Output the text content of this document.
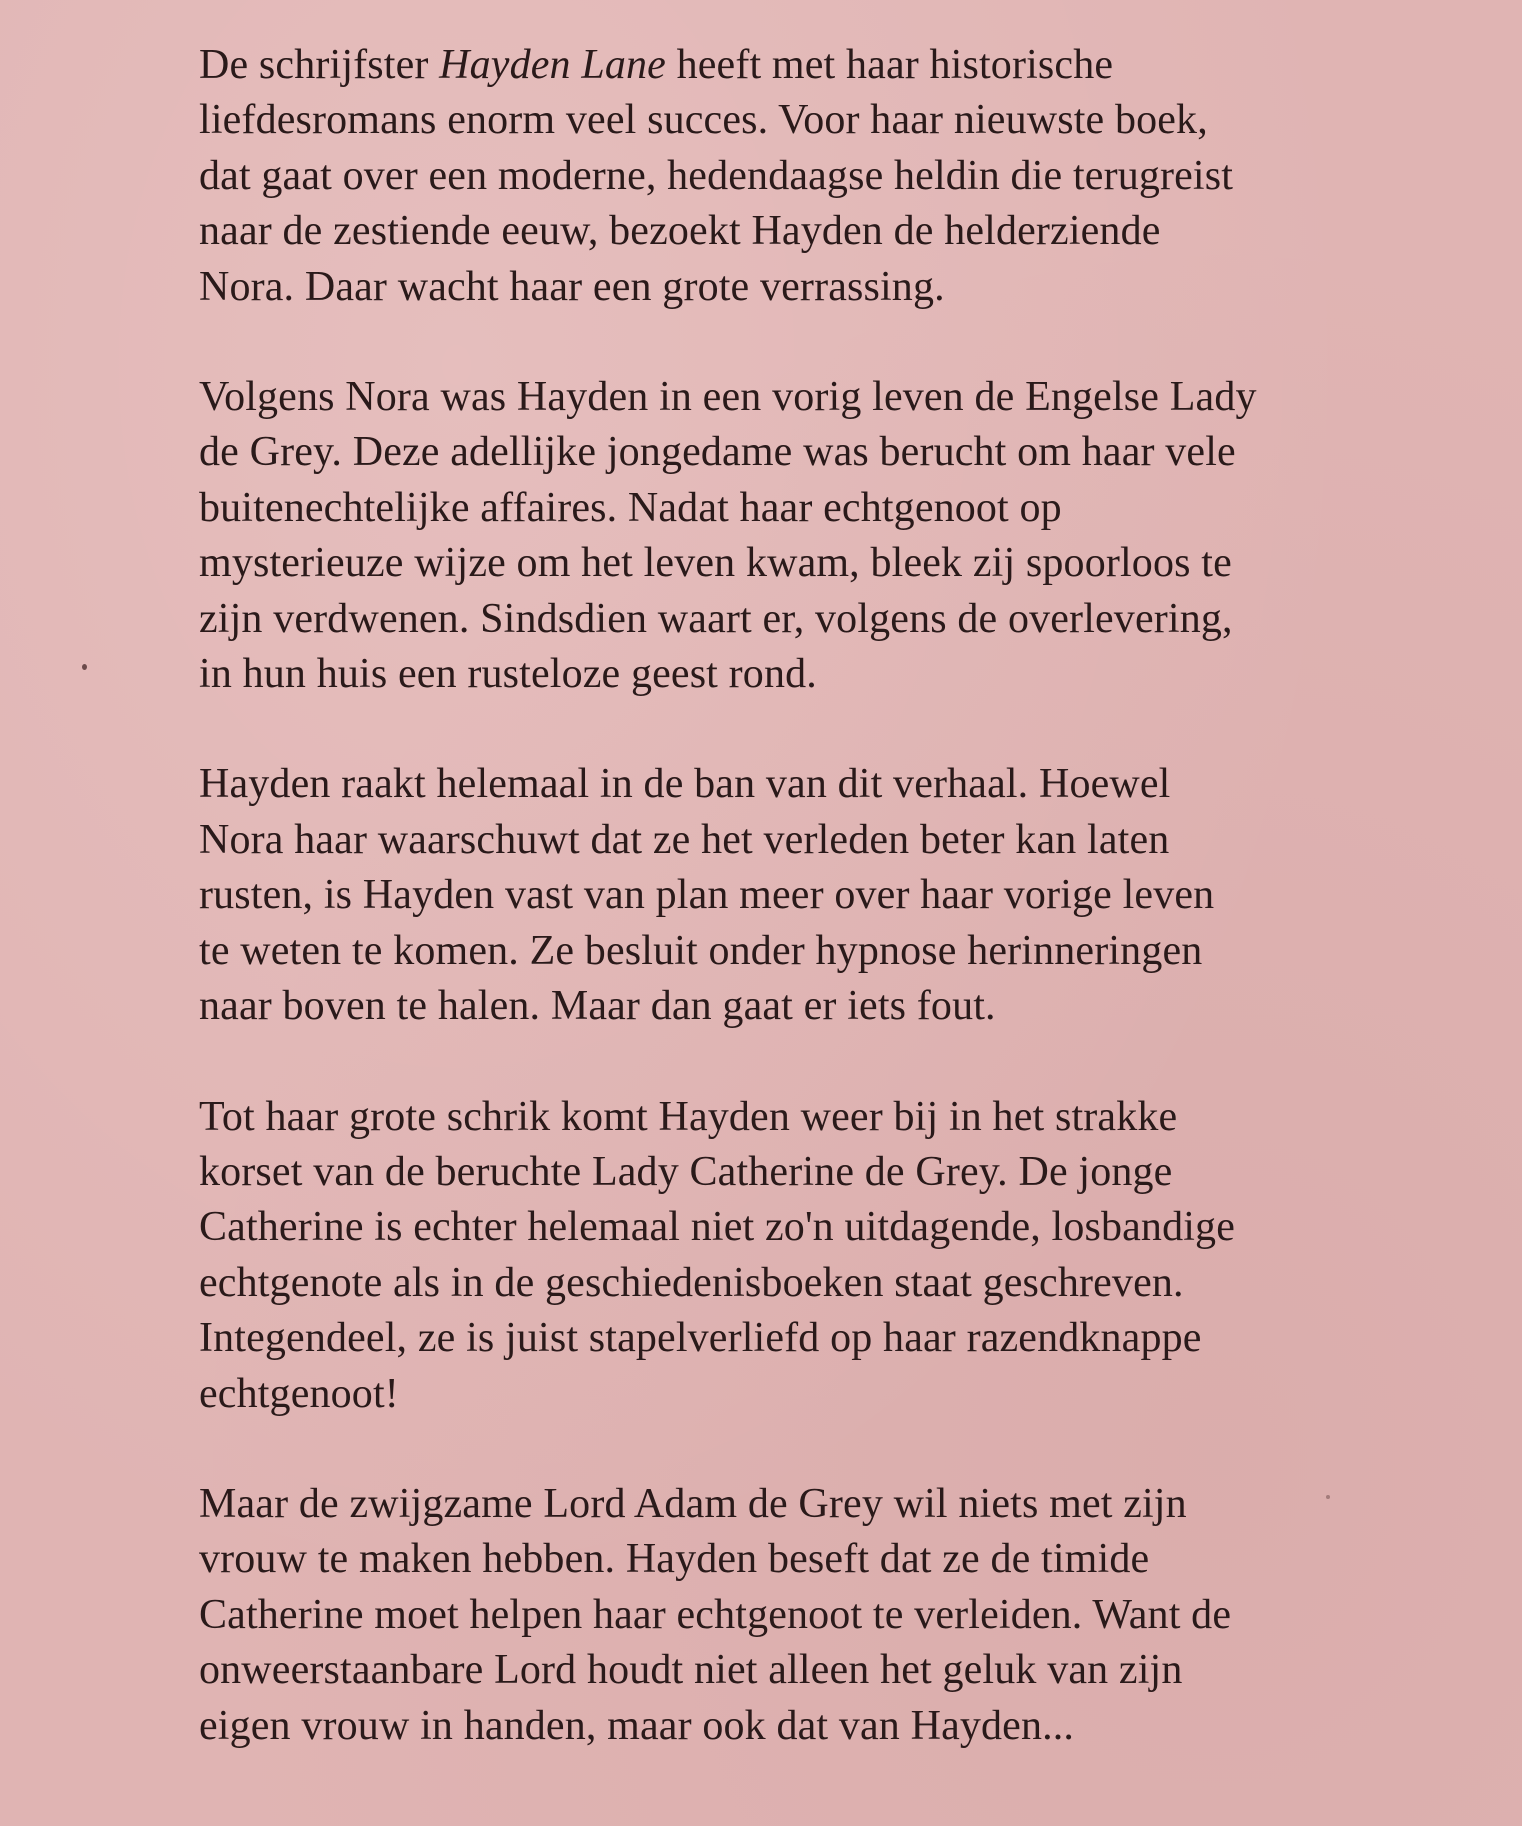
De schrijfster Hayden Lane heeft met haar historische
liefdesromans enorm veel succes. Voor haar nieuwste boek,
dat gaat over een moderne, hedendaagse heldin die terugreist
naar de zestiende eeuw, bezoekt Hayden de helderziende
Nora. Daar wacht haar een grote verrassing.

Volgens Nora was Hayden in een vorig leven de Engelse Lady
de Grey. Deze adellijke jongedame was berucht om haar vele
buitenechtelijke affaires. Nadat haar echtgenoot op
mysterieuze wijze om het leven kwam, bleek zij spoorloos te
zijn verdwenen. Sindsdien waart er, volgens de overlevering,
in hun huis een rusteloze geest rond.

Hayden raakt helemaal in de ban van dit verhaal. Hoewel
Nora haar waarschuwt dat ze het verleden beter kan laten
rusten, is Hayden vast van plan meer over haar vorige leven
te weten te komen. Ze besluit onder hypnose herinneringen
naar boven te halen. Maar dan gaat er iets fout.

Tot haar grote schrik komt Hayden weer bij in het strakke
korset van de beruchte Lady Catherine de Grey. De jonge
Catherine is echter helemaal niet zo'n uitdagende, losbandige
echtgenote als in de geschiedenisboeken staat geschreven.
Integendeel, ze is juist stapelverliefd op haar razendknappe
echtgenoot!

Maar de zwijgzame Lord Adam de Grey wil niets met zijn
vrouw te maken hebben. Hayden beseft dat ze de timide
Catherine moet helpen haar echtgenoot te verleiden. Want de
onweerstaanbare Lord houdt niet alleen het geluk van zijn
eigen vrouw in handen, maar ook dat van Hayden...
